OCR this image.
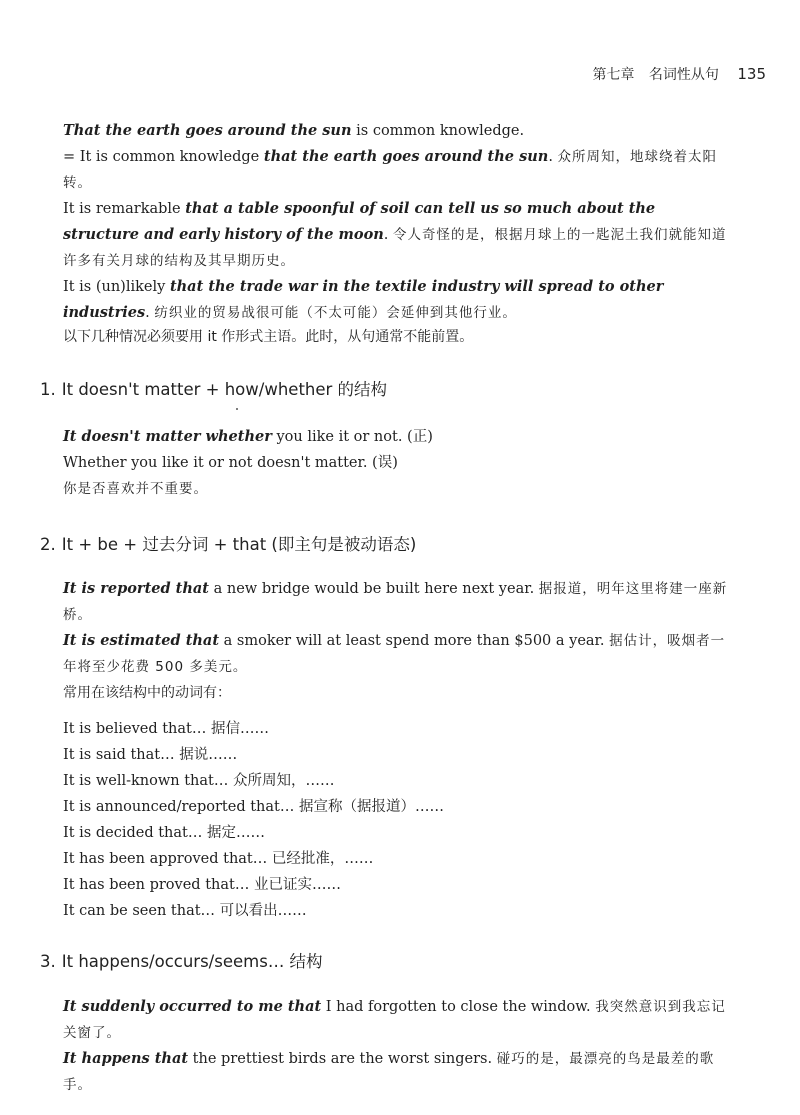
第七章 名词性从句 135
That the earth goes around the sun is common knowledge.
= It is common knowledge that the earth goes around the sun. 众所周知，地球绕着太阳转。
It is remarkable that a table spoonful of soil can tell us so much about the structure and early history of the moon. 令人奇怪的是，根据月球上的一匙泥土我们就能知道许多有关月球的结构及其早期历史。
It is (un)likely that the trade war in the textile industry will spread to other industries. 纺织业的贸易战很可能（不太可能）会延伸到其他行业。
以下几种情况必须要用 it 作形式主语。此时，从句通常不能前置。
1. It doesn't matter + how/whether 的结构
It doesn't matter whether you like it or not. (正)
Whether you like it or not doesn't matter. (误)
你是否喜欢并不重要。
2. It + be + 过去分词 + that (即主句是被动语态)
It is reported that a new bridge would be built here next year. 据报道，明年这里将建一座新桥。
It is estimated that a smoker will at least spend more than $500 a year. 据估计，吸烟者一年将至少花费 500 多美元。
常用在该结构中的动词有：
It is believed that… 据信……
It is said that… 据说……
It is well-known that… 众所周知，……
It is announced/reported that… 据宣称（据报道）……
It is decided that… 据定……
It has been approved that… 已经批准，……
It has been proved that… 业已证实……
It can be seen that… 可以看出……
3. It happens/occurs/seems… 结构
It suddenly occurred to me that I had forgotten to close the window. 我突然意识到我忘记关窗了。
It happens that the prettiest birds are the worst singers. 碰巧的是，最漂亮的鸟是最差的歌手。
